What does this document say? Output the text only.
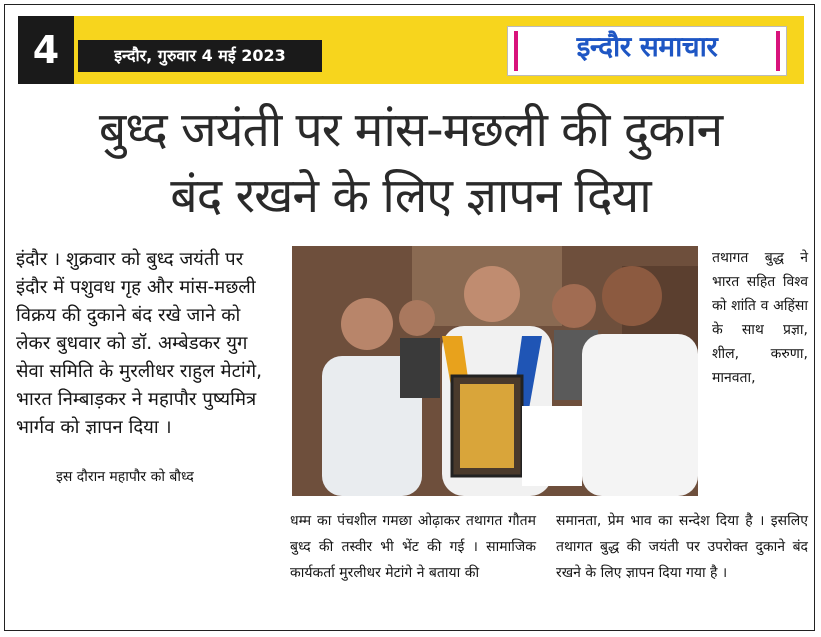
4	इन्दौर, गुरुवार 4 मई 2023	इन्दौर समाचार
बुध्द जयंती पर मांस-मछली की दुकान
बंद रखने के लिए ज्ञापन दिया
इंदौर । शुक्रवार को बुध्द जयंती पर इंदौर में पशुवध गृह और मांस-मछली विक्रय की दुकाने बंद रखे जाने को लेकर बुधवार को डॉ. अम्बेडकर युग सेवा समिति के मुरलीधर राहुल मेटांगे, भारत निम्बाड़कर ने महापौर पुष्यमित्र भार्गव को ज्ञापन दिया ।
इस दौरान महापौर को बौध्द
तथागत बुद्ध ने भारत सहित विश्व को शांति व अहिंसा के साथ प्रज्ञा, शील, करुणा, मानवता,
धम्म का पंचशील गमछा ओढ़ाकर तथागत गौतम बुध्द की तस्वीर भी भेंट की गई । सामाजिक कार्यकर्ता मुरलीधर मेटांगे ने बताया की
समानता, प्रेम भाव का सन्देश दिया है । इसलिए तथागत बुद्ध की जयंती पर उपरोक्त दुकाने बंद रखने के लिए ज्ञापन दिया गया है ।
